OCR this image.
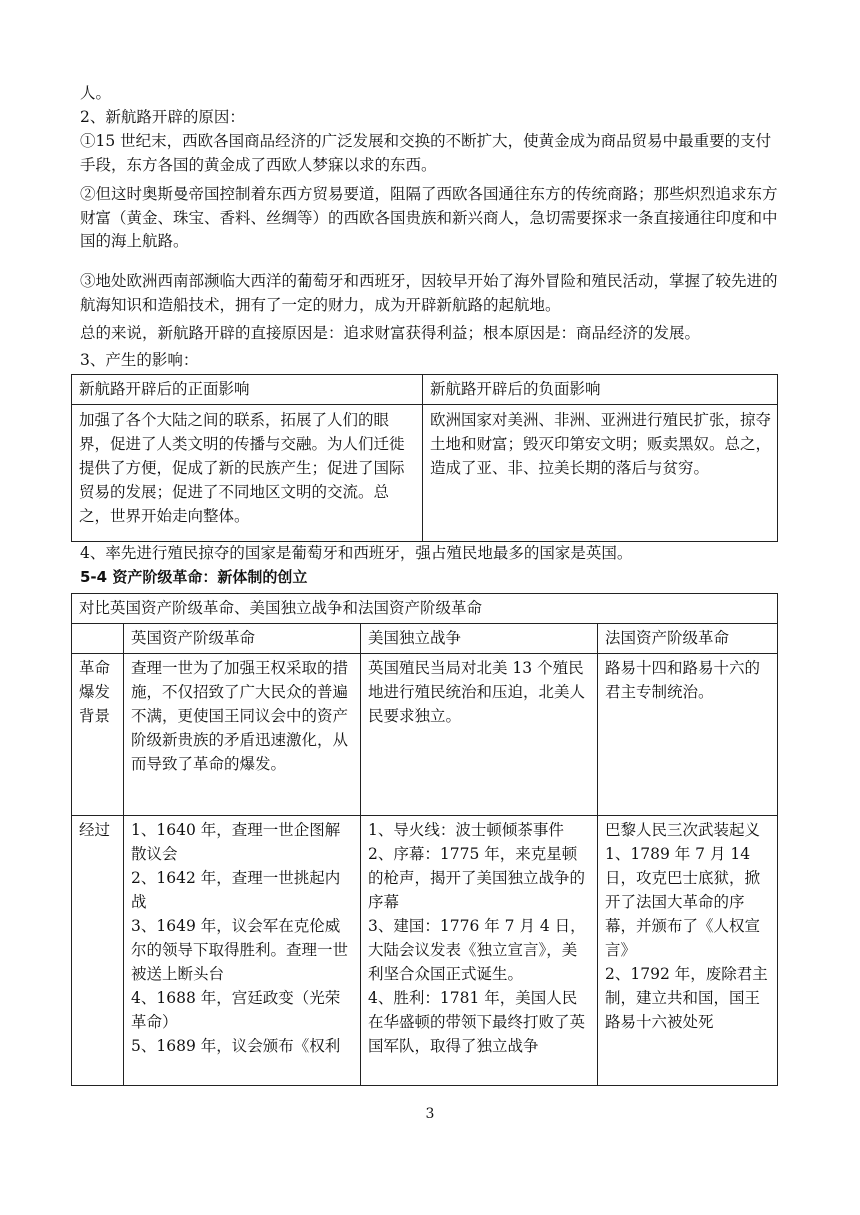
人。
2、新航路开辟的原因：
①15 世纪末，西欧各国商品经济的广泛发展和交换的不断扩大，使黄金成为商品贸易中最重要的支付手段，东方各国的黄金成了西欧人梦寐以求的东西。
②但这时奥斯曼帝国控制着东西方贸易要道，阻隔了西欧各国通往东方的传统商路；那些炽烈追求东方财富（黄金、珠宝、香料、丝绸等）的西欧各国贵族和新兴商人，急切需要探求一条直接通往印度和中国的海上航路。
③地处欧洲西南部濒临大西洋的葡萄牙和西班牙，因较早开始了海外冒险和殖民活动，掌握了较先进的航海知识和造船技术，拥有了一定的财力，成为开辟新航路的起航地。
总的来说，新航路开辟的直接原因是：追求财富获得利益；根本原因是：商品经济的发展。
3、产生的影响：
新航路开辟后的正面影响	新航路开辟后的负面影响
加强了各个大陆之间的联系，拓展了人们的眼界，促进了人类文明的传播与交融。为人们迁徙提供了方便，促成了新的民族产生；促进了国际贸易的发展；促进了不同地区文明的交流。总之，世界开始走向整体。	欧洲国家对美洲、非洲、亚洲进行殖民扩张，掠夺土地和财富；毁灭印第安文明；贩卖黑奴。总之，造成了亚、非、拉美长期的落后与贫穷。
4、率先进行殖民掠夺的国家是葡萄牙和西班牙，强占殖民地最多的国家是英国。
5-4 资产阶级革命：新体制的创立
对比英国资产阶级革命、美国独立战争和法国资产阶级革命			
	英国资产阶级革命	美国独立战争	法国资产阶级革命
革命爆发背景	查理一世为了加强王权采取的措施，不仅招致了广大民众的普遍不满，更使国王同议会中的资产阶级新贵族的矛盾迅速激化，从而导致了革命的爆发。	英国殖民当局对北美 13 个殖民地进行殖民统治和压迫，北美人民要求独立。	路易十四和路易十六的君主专制统治。
经过	1、1640 年，查理一世企图解散议会
2、1642 年，查理一世挑起内战
3、1649 年，议会军在克伦威尔的领导下取得胜利。查理一世被送上断头台
4、1688 年，宫廷政变（光荣革命）
5、1689 年，议会颁布《权利	1、导火线：波士顿倾茶事件
2、序幕：1775 年，来克星顿的枪声，揭开了美国独立战争的序幕
3、建国：1776 年 7 月 4 日，大陆会议发表《独立宣言》，美利坚合众国正式诞生。
4、胜利：1781 年，美国人民在华盛顿的带领下最终打败了英国军队，取得了独立战争	巴黎人民三次武装起义
1、1789 年 7 月 14 日，攻克巴士底狱，掀开了法国大革命的序幕，并颁布了《人权宣言》
2、1792 年，废除君主制，建立共和国，国王路易十六被处死
3
